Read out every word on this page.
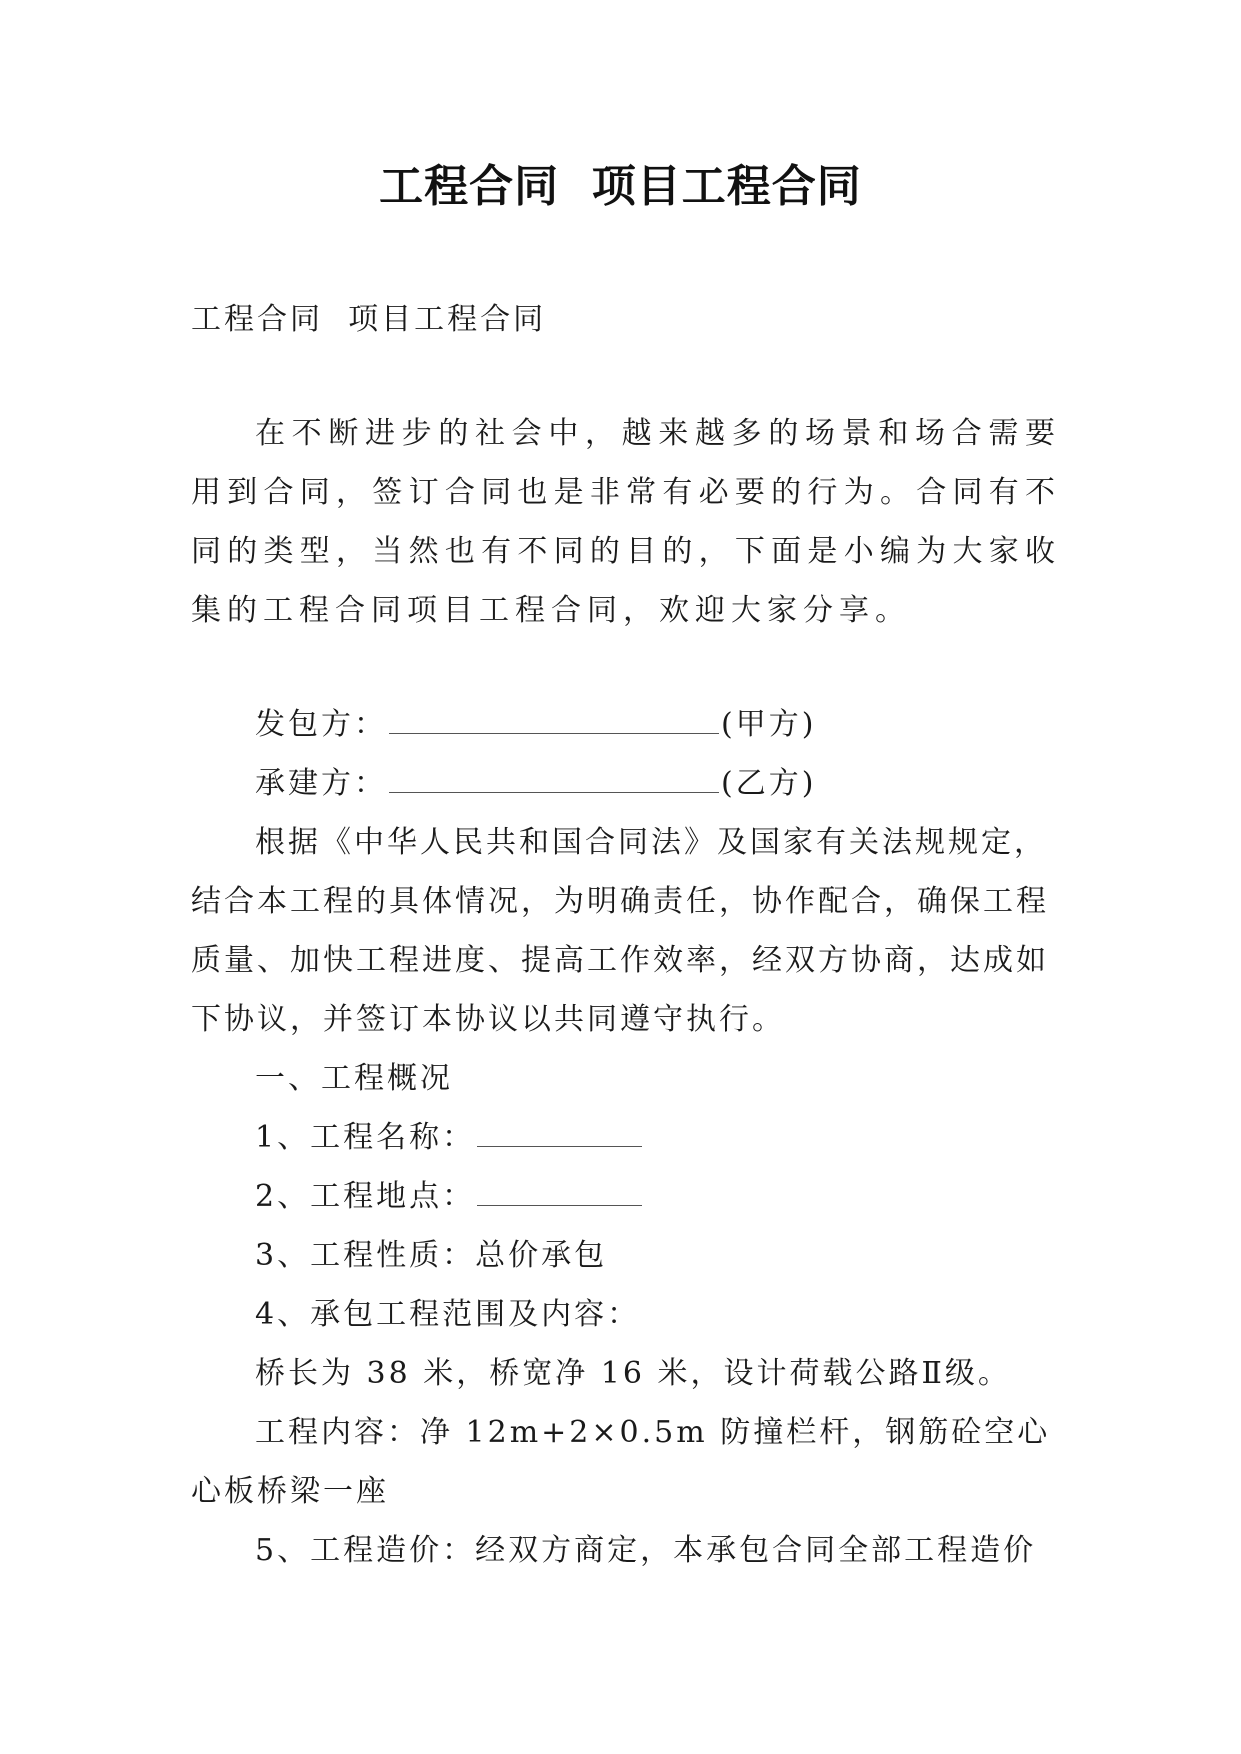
工程合同  项目工程合同

工程合同  项目工程合同

在不断进步的社会中，越来越多的场景和场合需要用到合同，签订合同也是非常有必要的行为。合同有不同的类型，当然也有不同的目的，下面是小编为大家收集的工程合同项目工程合同，欢迎大家分享。

发包方：	(甲方)

承建方：	(乙方)

根据《中华人民共和国合同法》及国家有关法规规定，结合本工程的具体情况，为明确责任，协作配合，确保工程质量、加快工程进度、提高工作效率，经双方协商，达成如下协议，并签订本协议以共同遵守执行。

一、工程概况

1、工程名称：

2、工程地点：

3、工程性质：总价承包

4、承包工程范围及内容：

桥长为 38 米，桥宽净 16 米，设计荷载公路Ⅱ级。

工程内容：净 12m+2×0.5m 防撞栏杆，钢筋砼空心心板桥梁一座

5、工程造价：经双方商定，本承包合同全部工程造价
